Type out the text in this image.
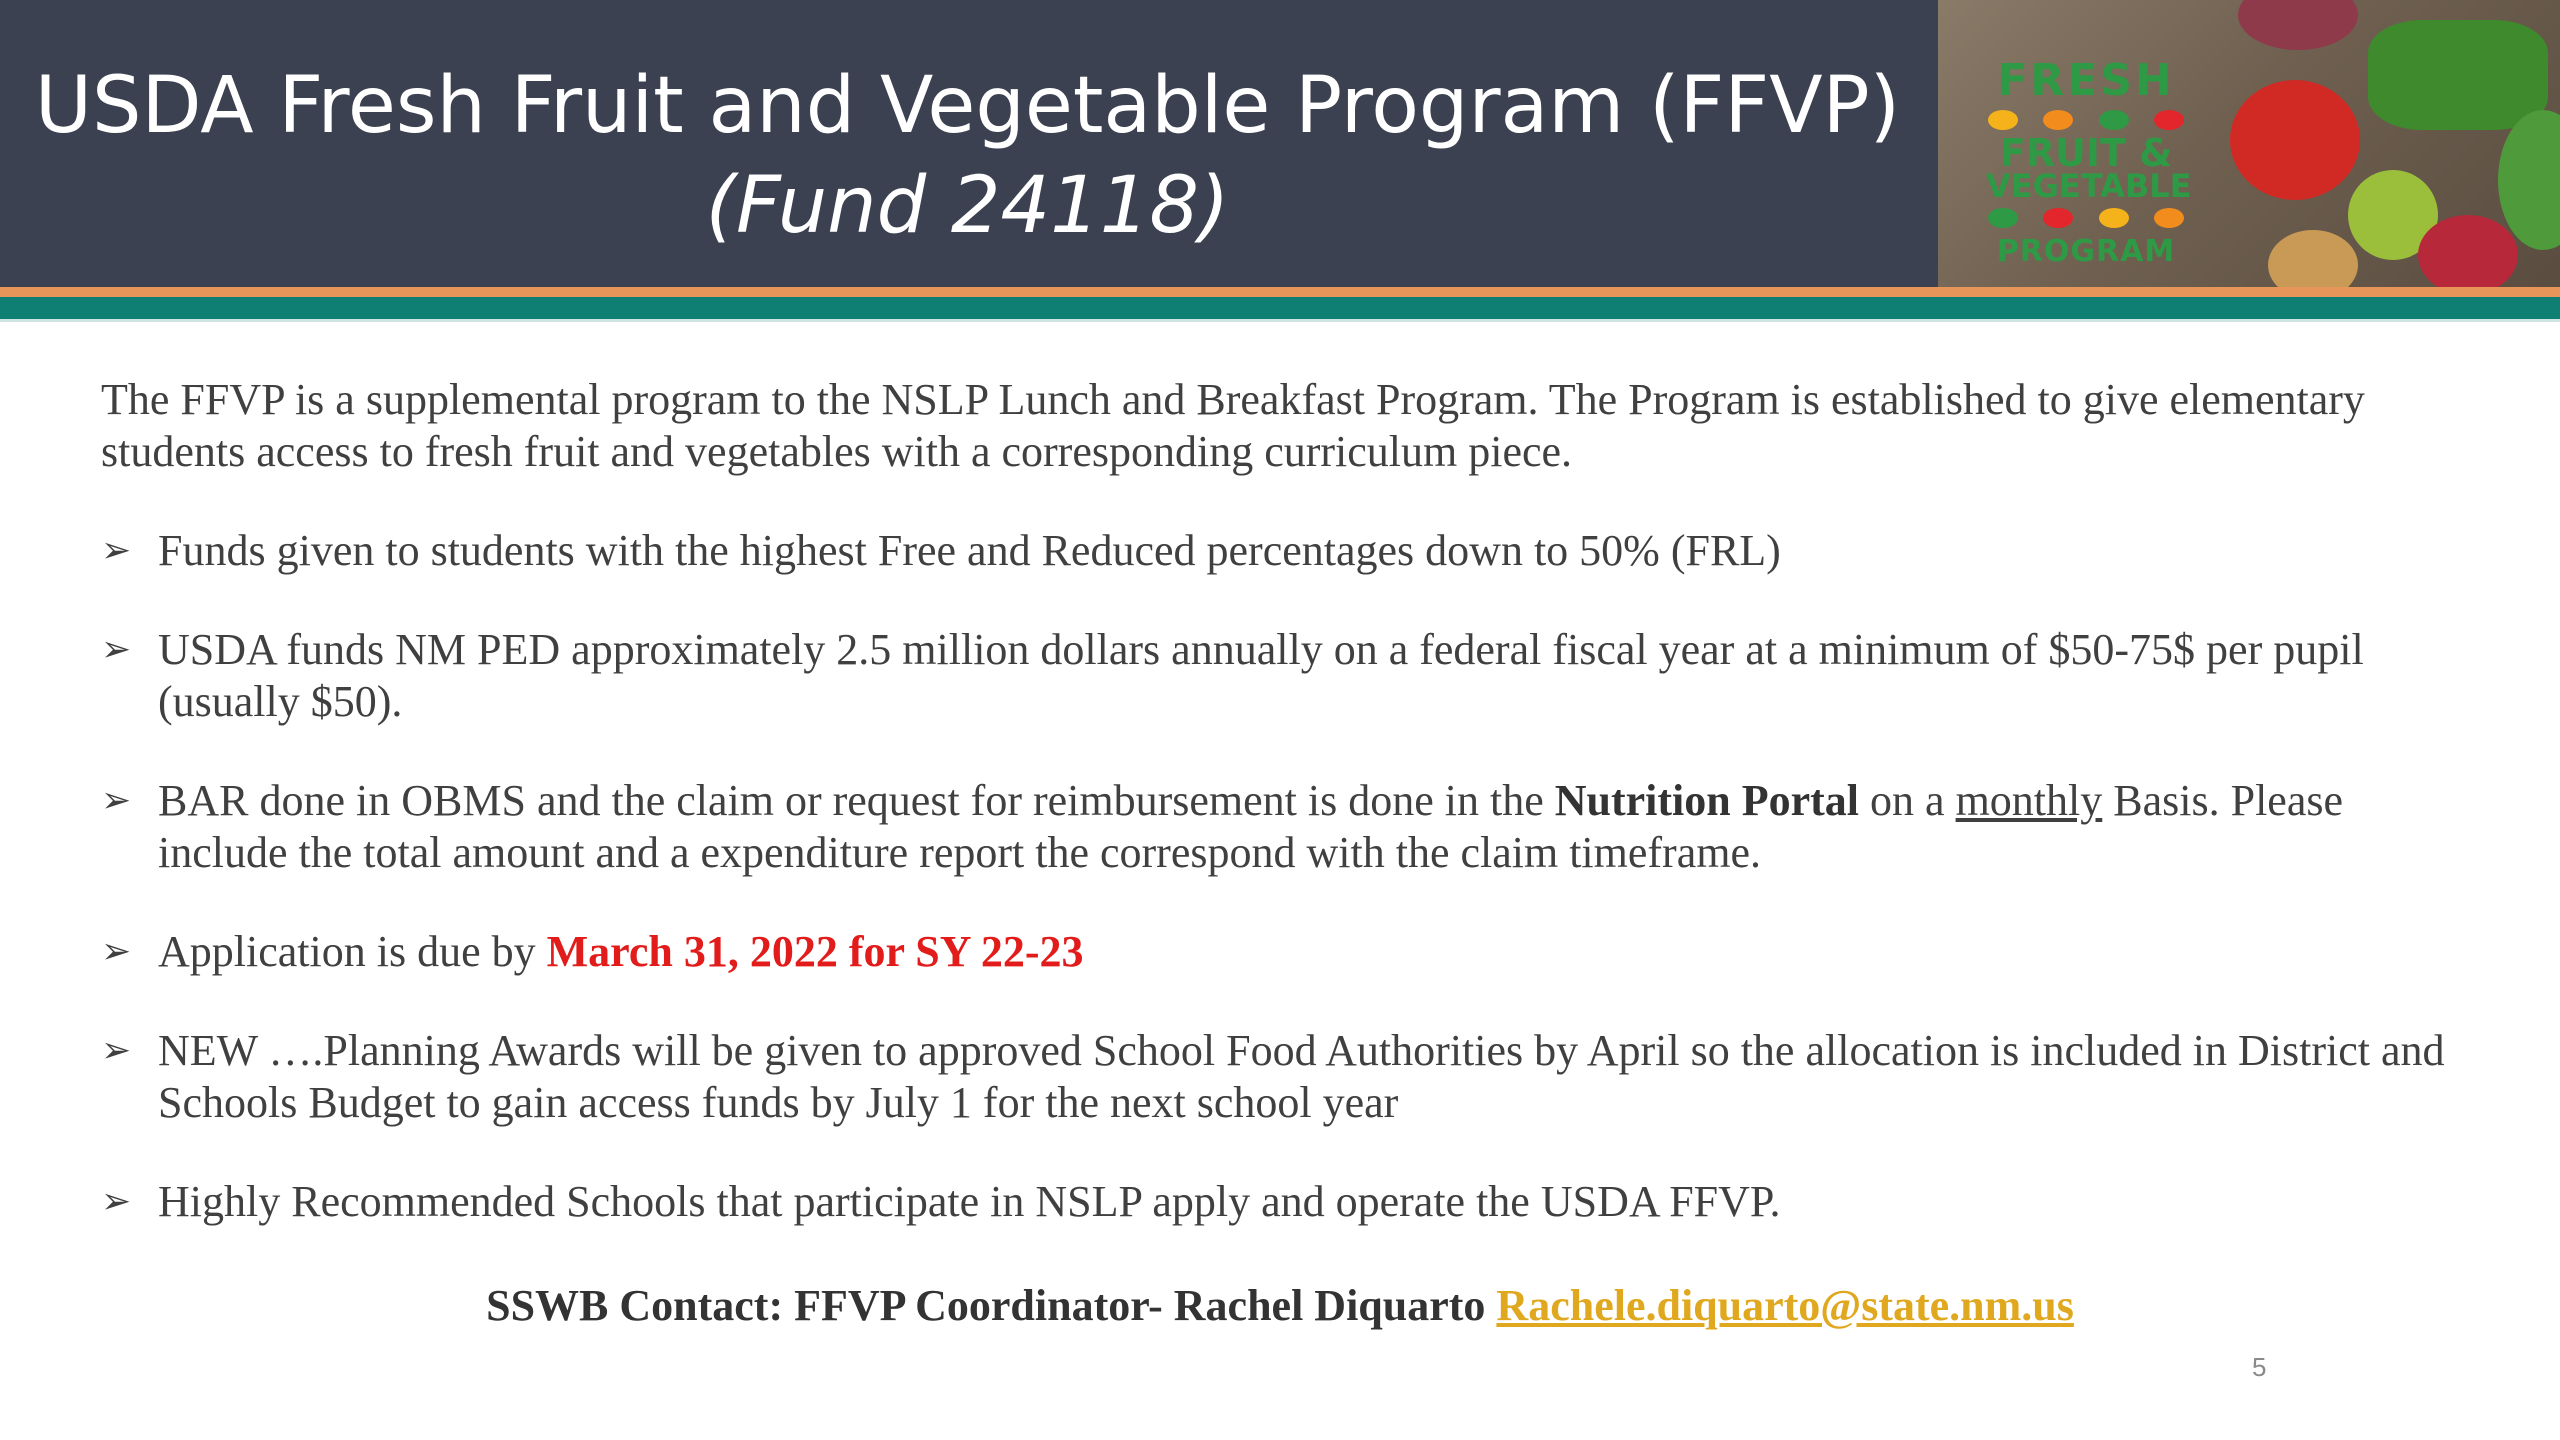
USDA Fresh Fruit and Vegetable Program (FFVP)
(Fund 24118)
FRESH
FRUIT &
VEGETABLE
PROGRAM

The FFVP is a supplemental program to the NSLP Lunch and Breakfast Program. The Program is established to give elementary students access to fresh fruit and vegetables with a corresponding curriculum piece.

➢ Funds given to students with the highest Free and Reduced percentages down to 50% (FRL)
➢ USDA funds NM PED approximately 2.5 million dollars annually on a federal fiscal year at a minimum of $50-75$ per pupil (usually $50).
➢ BAR done in OBMS and the claim or request for reimbursement is done in the Nutrition Portal on a monthly Basis. Please include the total amount and a expenditure report the correspond with the claim timeframe.
➢ Application is due by March 31, 2022 for SY 22-23
➢ NEW ….Planning Awards will be given to approved School Food Authorities by April so the allocation is included in District and Schools Budget to gain access funds by July 1 for the next school year
➢ Highly Recommended Schools that participate in NSLP apply and operate the USDA FFVP.
SSWB Contact: FFVP Coordinator- Rachel Diquarto Rachele.diquarto@state.nm.us
5
